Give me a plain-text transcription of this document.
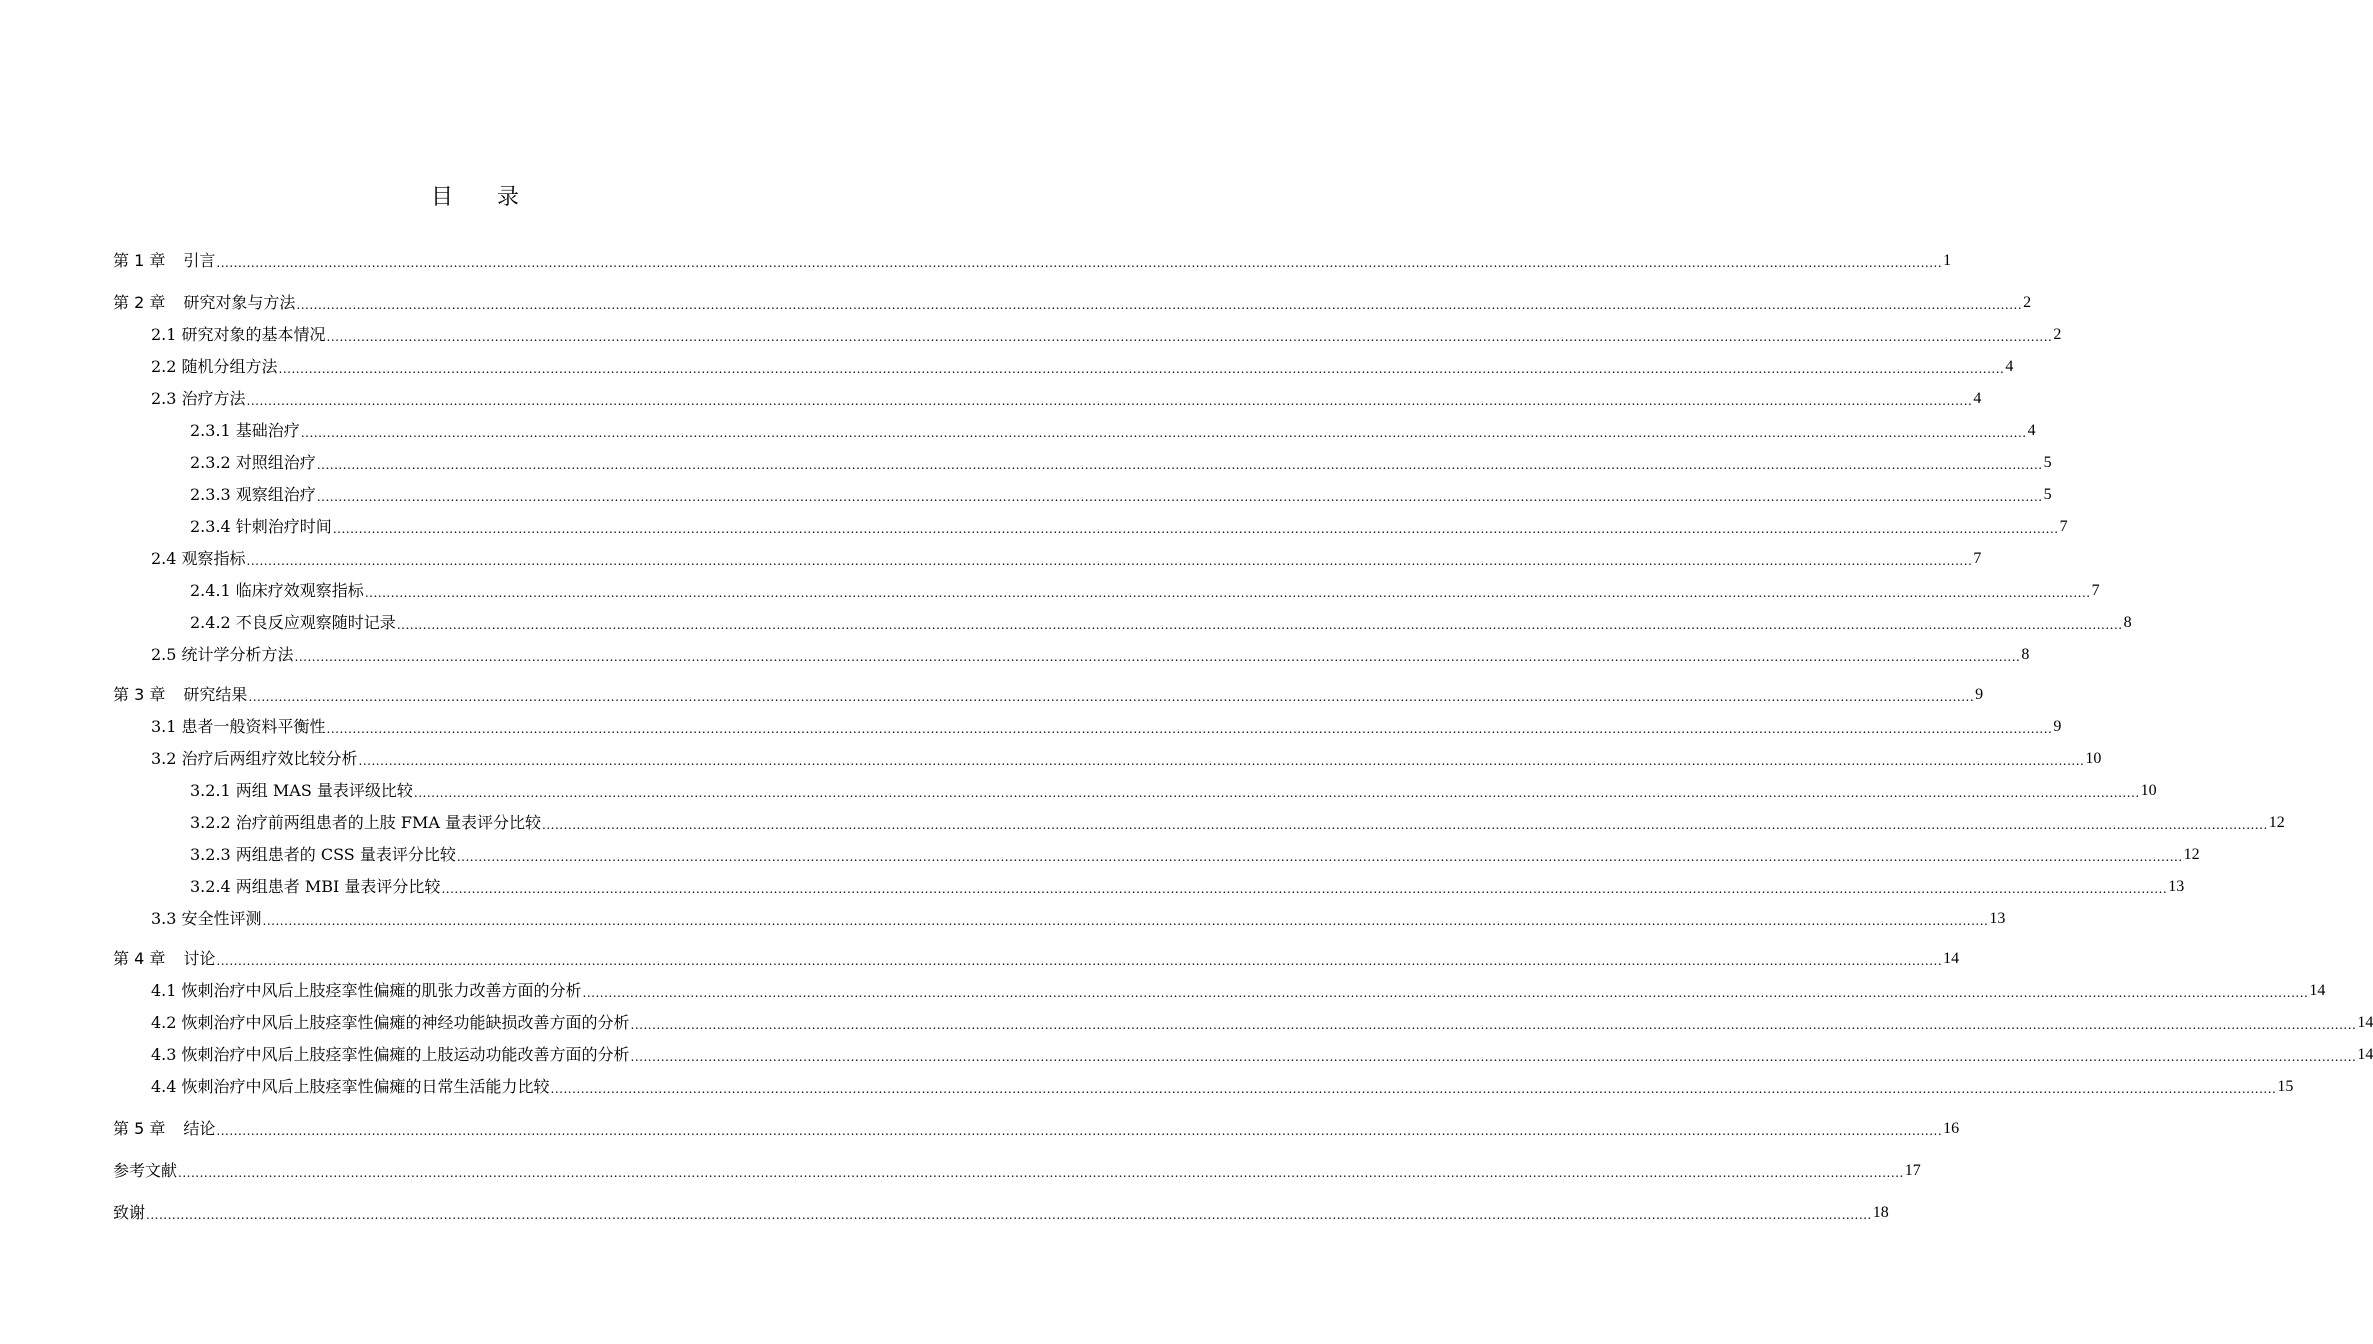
目　　录
第 1 章 引言 ................................................................................................................................................................................................................................................................................................................................................................................................................ 1
第 2 章 研究对象与方法 ................................................................................................................................................................................................................................................................................................................................................................................................................ 2
2.1 研究对象的基本情况 ................................................................................................................................................................................................................................................................................................................................................................................................................ 2
2.2 随机分组方法 ................................................................................................................................................................................................................................................................................................................................................................................................................ 4
2.3 治疗方法 ................................................................................................................................................................................................................................................................................................................................................................................................................ 4
2.3.1 基础治疗 ................................................................................................................................................................................................................................................................................................................................................................................................................ 4
2.3.2 对照组治疗 ................................................................................................................................................................................................................................................................................................................................................................................................................ 5
2.3.3 观察组治疗 ................................................................................................................................................................................................................................................................................................................................................................................................................ 5
2.3.4 针刺治疗时间 ................................................................................................................................................................................................................................................................................................................................................................................................................ 7
2.4 观察指标 ................................................................................................................................................................................................................................................................................................................................................................................................................ 7
2.4.1 临床疗效观察指标 ................................................................................................................................................................................................................................................................................................................................................................................................................ 7
2.4.2 不良反应观察随时记录 ................................................................................................................................................................................................................................................................................................................................................................................................................ 8
2.5 统计学分析方法 ................................................................................................................................................................................................................................................................................................................................................................................................................ 8
第 3 章 研究结果 ................................................................................................................................................................................................................................................................................................................................................................................................................ 9
3.1 患者一般资料平衡性 ................................................................................................................................................................................................................................................................................................................................................................................................................ 9
3.2 治疗后两组疗效比较分析 ................................................................................................................................................................................................................................................................................................................................................................................................................ 10
3.2.1 两组 MAS 量表评级比较 ................................................................................................................................................................................................................................................................................................................................................................................................................ 10
3.2.2 治疗前两组患者的上肢 FMA 量表评分比较 ................................................................................................................................................................................................................................................................................................................................................................................................................ 12
3.2.3 两组患者的 CSS 量表评分比较 ................................................................................................................................................................................................................................................................................................................................................................................................................ 12
3.2.4 两组患者 MBI 量表评分比较 ................................................................................................................................................................................................................................................................................................................................................................................................................ 13
3.3 安全性评测 ................................................................................................................................................................................................................................................................................................................................................................................................................ 13
第 4 章 讨论 ................................................................................................................................................................................................................................................................................................................................................................................................................ 14
4.1 恢刺治疗中风后上肢痉挛性偏瘫的肌张力改善方面的分析 ................................................................................................................................................................................................................................................................................................................................................................................................................ 14
4.2 恢刺治疗中风后上肢痉挛性偏瘫的神经功能缺损改善方面的分析 ................................................................................................................................................................................................................................................................................................................................................................................................................ 14
4.3 恢刺治疗中风后上肢痉挛性偏瘫的上肢运动功能改善方面的分析 ................................................................................................................................................................................................................................................................................................................................................................................................................ 14
4.4 恢刺治疗中风后上肢痉挛性偏瘫的日常生活能力比较 ................................................................................................................................................................................................................................................................................................................................................................................................................ 15
第 5 章 结论 ................................................................................................................................................................................................................................................................................................................................................................................................................ 16
参考文献 ................................................................................................................................................................................................................................................................................................................................................................................................................ 17
致谢 ................................................................................................................................................................................................................................................................................................................................................................................................................ 18
